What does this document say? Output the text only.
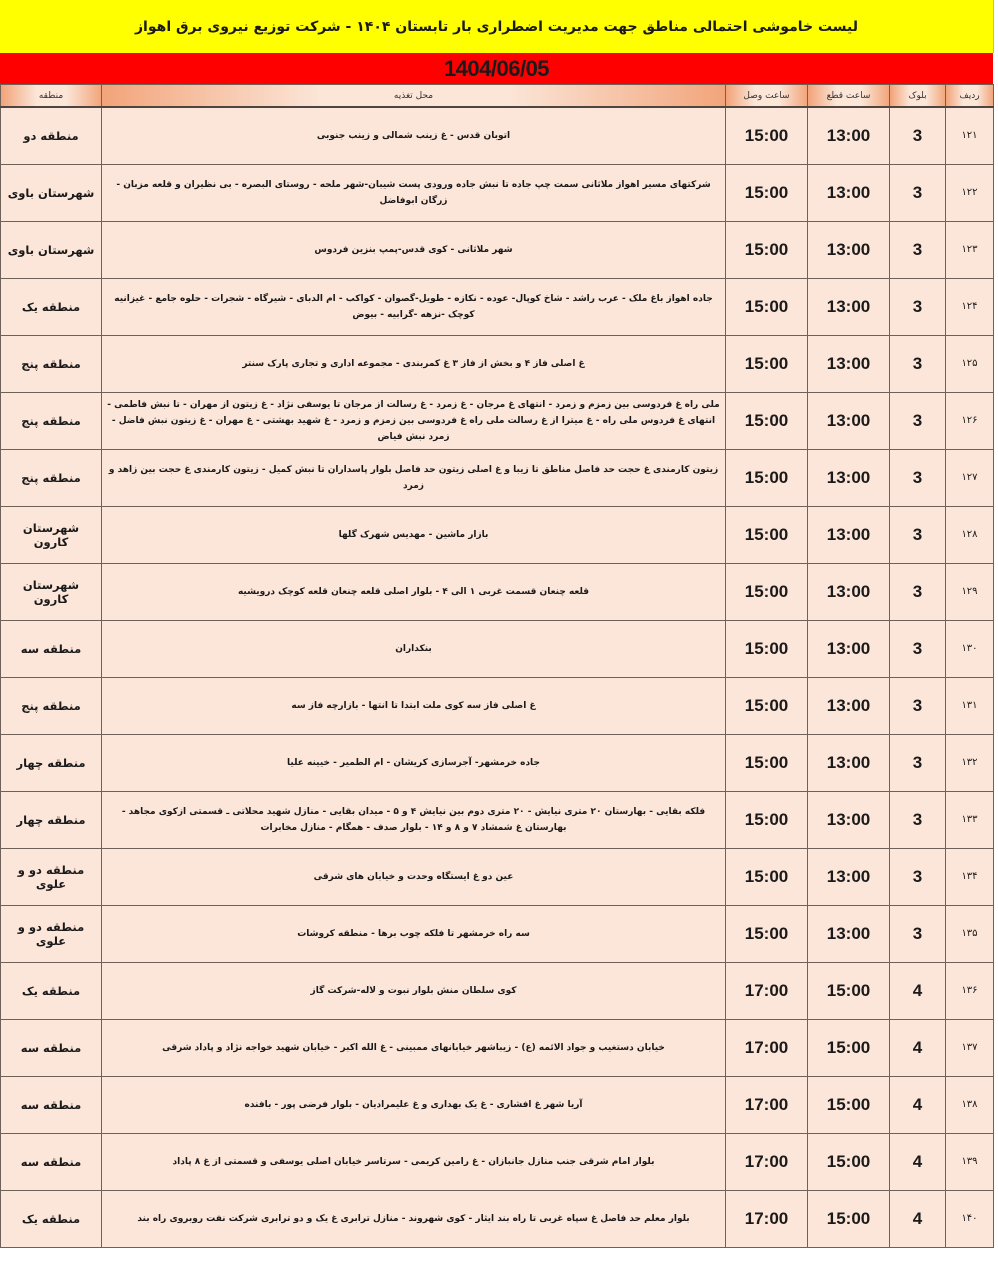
لیست خاموشی احتمالی مناطق جهت مدیریت اضطراری بار تابستان ۱۴۰۴ - شرکت توزیع نیروی برق اهواز
1404/06/05
ردیف	بلوک	ساعت قطع	ساعت وصل	محل تغذیه	منطقه
۱۲۱	3	13:00	15:00	اتوبان قدس - غ زینب شمالی و زینب جنوبی	منطقه دو
۱۲۲	3	13:00	15:00	شرکتهای مسیر اهواز ملاثانی سمت چپ جاده تا نبش جاده ورودی پست شیبان-شهر ملحه - روستای البصره - بی نظیران و قلعه مزبان - زرگان ابوفاضل	شهرستان باوی
۱۲۳	3	13:00	15:00	شهر ملاثانی - کوی قدس-پمپ بنزین فردوس	شهرستان باوی
۱۲۴	3	13:00	15:00	جاده اهواز باغ ملک - عرب راشد - شاخ کوپال- عوده - نکازه - طویل-گصوان - کواکب - ام الدبای - شیرگاه - شجرات - حلوه جامع - غیزانیه کوچک -نزهه -گرابیه - بیوض	منطقه یک
۱۲۵	3	13:00	15:00	غ اصلی فاز ۴ و بخش از فاز ۳ غ کمربندی - مجموعه اداری و تجاری پارک سنتر	منطقه پنج
۱۲۶	3	13:00	15:00	ملی راه غ فردوسی بین زمزم و زمرد - انتهای غ مرجان - غ زمرد - غ رسالت از مرجان تا یوسفی نژاد - غ زیتون از مهران - تا نبش فاطمی - انتهای غ فردوس ملی راه - غ میترا از غ رسالت ملی راه غ فردوسی بین زمزم و زمرد - غ شهید بهشتی - غ مهران - غ زیتون نبش فاضل - زمرد نبش فیاض	منطقه پنج
۱۲۷	3	13:00	15:00	زیتون کارمندی غ حجت حد فاصل مناطق تا زیبا و غ اصلی زیتون حد فاصل بلوار پاسداران تا نبش کمیل - زیتون کارمندی غ حجت بین زاهد و زمرد	منطقه پنج
۱۲۸	3	13:00	15:00	بازار ماشین - مهدیس شهرک گلها	شهرستان کارون
۱۲۹	3	13:00	15:00	قلعه چنعان قسمت غربی ۱ الی ۴ - بلوار اصلی قلعه چنعان قلعه کوچک درویشیه	شهرستان کارون
۱۳۰	3	13:00	15:00	بنکداران	منطقه سه
۱۳۱	3	13:00	15:00	غ اصلی فاز سه کوی ملت ابتدا تا انتها - بازارچه فاز سه	منطقه پنج
۱۳۲	3	13:00	15:00	جاده خرمشهر- آجرسازی کریشان - ام الطمیر - خیینه علیا	منطقه چهار
۱۳۳	3	13:00	15:00	فلکه بقایی - بهارستان ۲۰ متری نیایش - ۲۰ متری دوم بین نیایش ۴ و ۵ - میدان بقایی - منازل شهید محلاتی ـ قسمتی ازکوی مجاهد - بهارستان غ شمشاد ۷ و ۸ و ۱۴ - بلوار صدف - همگام - منازل مخابرات	منطقه چهار
۱۳۴	3	13:00	15:00	عین دو غ ایستگاه وحدت و خیابان های شرقی	منطقه دو و علوی
۱۳۵	3	13:00	15:00	سه راه خرمشهر تا فلکه چوب برها - منطقه کروشات	منطقه دو و علوی
۱۳۶	4	15:00	17:00	کوی سلطان منش بلوار نبوت و لاله-شرکت گاز	منطقه یک
۱۳۷	4	15:00	17:00	خیابان دستغیب و جواد الائمه (ع) - زیباشهر خیابانهای ممبینی - غ الله اکبر - خیابان شهید خواجه نژاد و پاداد شرقی	منطقه سه
۱۳۸	4	15:00	17:00	آریا شهر غ افشاری - غ یک بهداری و غ علیمرادیان - بلوار فرضی پور - بافنده	منطقه سه
۱۳۹	4	15:00	17:00	بلوار امام شرقی جنب منازل جانبازان - غ رامین کریمی - سرتاسر خیابان اصلی یوسفی و قسمتی از غ ۸ پاداد	منطقه سه
۱۴۰	4	15:00	17:00	بلوار معلم حد فاصل غ سپاه غربی تا راه بند ایثار - کوی شهروند - منازل ترابری غ یک و دو ترابری شرکت نفت روبروی راه بند	منطقه یک
